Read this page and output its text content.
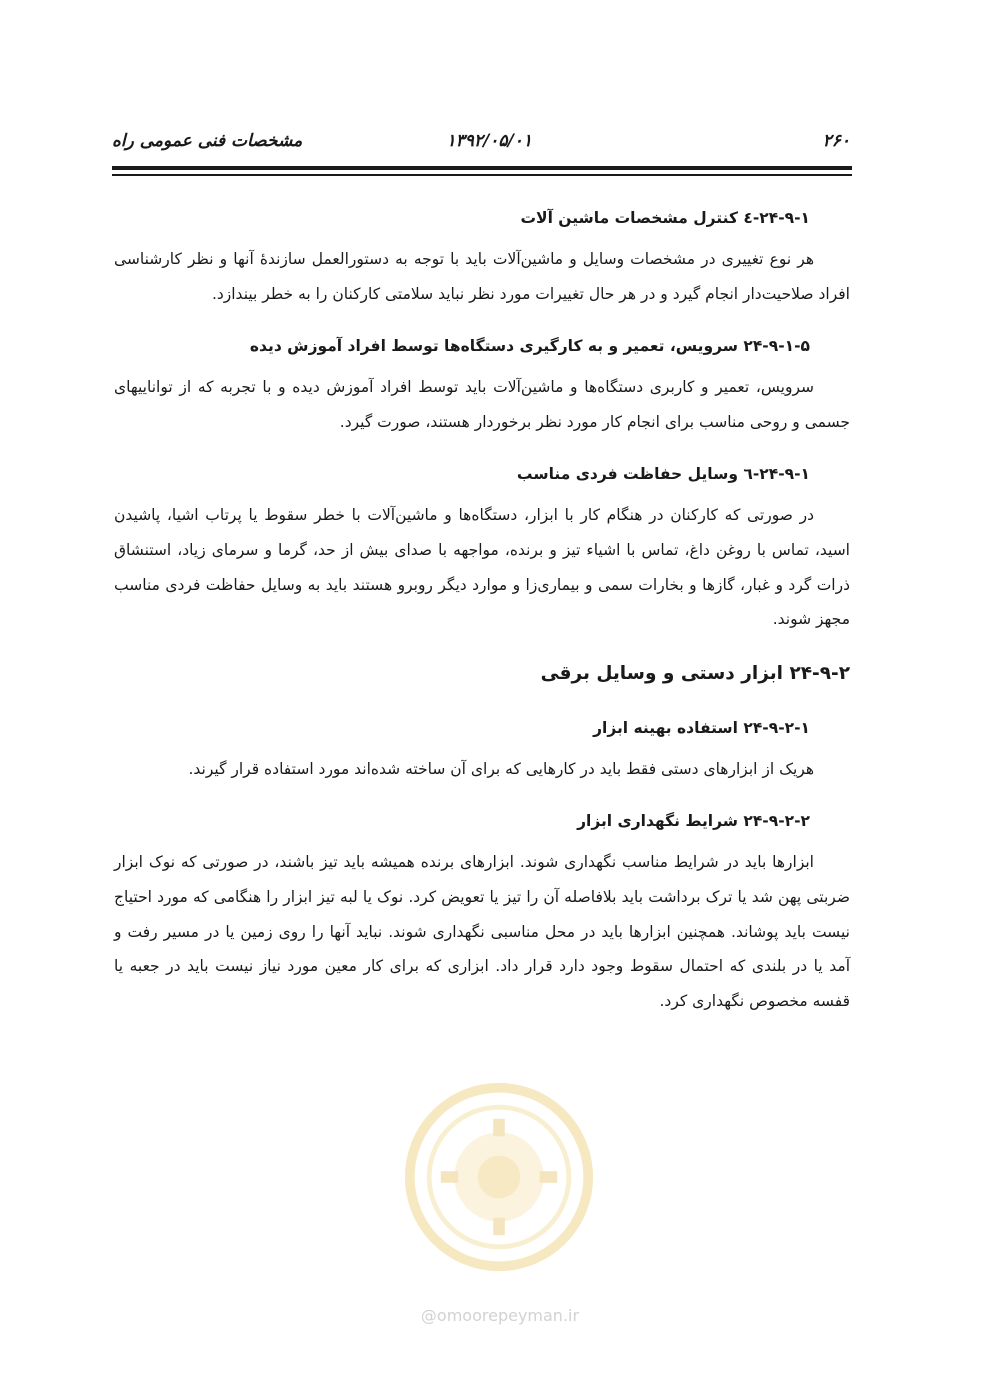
۲۶۰
۱۳۹۲/۰۵/۰۱
مشخصات فنی عمومی راه
۲۴-۹-۱-٤ کنترل مشخصات ماشین آلات

هر نوع تغییری در مشخصات وسایل و ماشین‌آلات باید با توجه به دستورالعمل سازندۀ آنها و نظر کارشناسی افراد صلاحیت‌دار انجام گیرد و در هر حال تغییرات مورد نظر نباید سلامتی کارکنان را به خطر بیندازد.

۲۴-۹-۱-۵ سرویس، تعمیر و به کارگیری دستگاه‌ها توسط افراد آموزش دیده

سرویس، تعمیر و کاربری دستگاه‌ها و ماشین‌آلات باید توسط افراد آموزش دیده و با تجربه که از تواناییهای جسمی و روحی مناسب برای انجام کار مورد نظر برخوردار هستند، صورت گیرد.

۲۴-۹-۱-٦ وسایل حفاظت فردی مناسب

در صورتی که کارکنان در هنگام کار با ابزار، دستگاه‌ها و ماشین‌آلات با خطر سقوط یا پرتاب اشیا، پاشیدن اسید، تماس با روغن داغ، تماس با اشیاء تیز و برنده، مواجهه با صدای بیش از حد، گرما و سرمای زیاد، استنشاق ذرات گرد و غبار، گازها و بخارات سمی و بیماری‌زا و موارد دیگر روبرو هستند باید به وسایل حفاظت فردی مناسب مجهز شوند.

۲۴-۹-۲ ابزار دستی و وسایل برقی
۲۴-۹-۲-۱ استفاده بهینه ابزار

هریک از ابزارهای دستی فقط باید در کارهایی که برای آن ساخته شده‌اند مورد استفاده قرار گیرند.

۲۴-۹-۲-۲ شرایط نگهداری ابزار

ابزارها باید در شرایط مناسب نگهداری شوند. ابزارهای برنده همیشه باید تیز باشند، در صورتی که نوک ابزار ضربتی پهن شد یا ترک برداشت باید بلافاصله آن را تیز یا تعویض کرد. نوک یا لبه تیز ابزار را هنگامی که مورد احتیاج نیست باید پوشاند. همچنین ابزارها باید در محل مناسبی نگهداری شوند. نباید آنها را روی زمین یا در مسیر رفت و آمد یا در بلندی که احتمال سقوط وجود دارد قرار داد. ابزاری که برای کار معین مورد نیاز نیست باید در جعبه یا قفسه مخصوص نگهداری کرد.

@omoorepeyman.ir
